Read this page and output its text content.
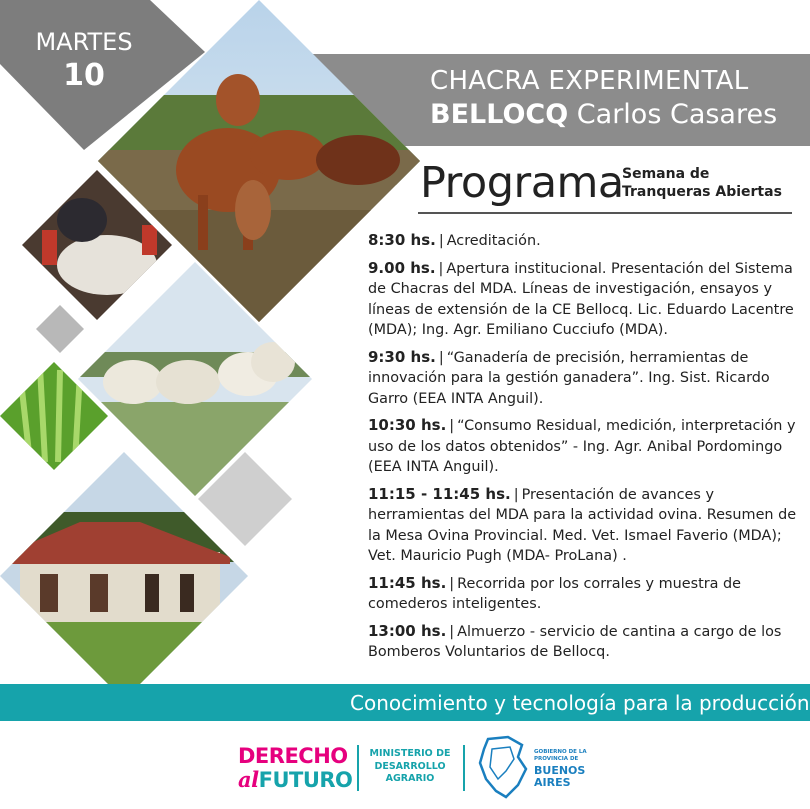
CHACRA EXPERIMENTAL
BELLOCQ Carlos Casares
MARTES
10
Programa
Semana de
Tranqueras Abiertas
8:30 hs. | Acreditación.
9.00 hs. | Apertura institucional. Presentación del Sistema de Chacras del MDA. Líneas de investigación, ensayos y líneas de extensión de la CE Bellocq. Lic. Eduardo Lacentre (MDA); Ing. Agr. Emiliano Cucciufo (MDA).
9:30 hs. | “Ganadería de precisión, herramientas de innovación para la gestión ganadera”. Ing. Sist. Ricardo Garro (EEA INTA Anguil).
10:30 hs. | “Consumo Residual, medición, interpretación y uso de los datos obtenidos” - Ing. Agr. Anibal Pordomingo (EEA INTA Anguil).
11:15 - 11:45 hs. | Presentación de avances y herramientas del MDA para la actividad ovina. Resumen de la Mesa Ovina Provincial. Med. Vet. Ismael Faverio (MDA); Vet. Mauricio Pugh (MDA- ProLana) .
11:45 hs. | Recorrida por los corrales y muestra de comederos inteligentes.
13:00 hs. | Almuerzo - servicio de cantina a cargo de los Bomberos Voluntarios de Bellocq.
Conocimiento y tecnología para la producción
DERECHO
alFUTURO
MINISTERIO DE
DESARROLLO
AGRARIO
GOBIERNO DE LA
PROVINCIA DE
BUENOS
AIRES
